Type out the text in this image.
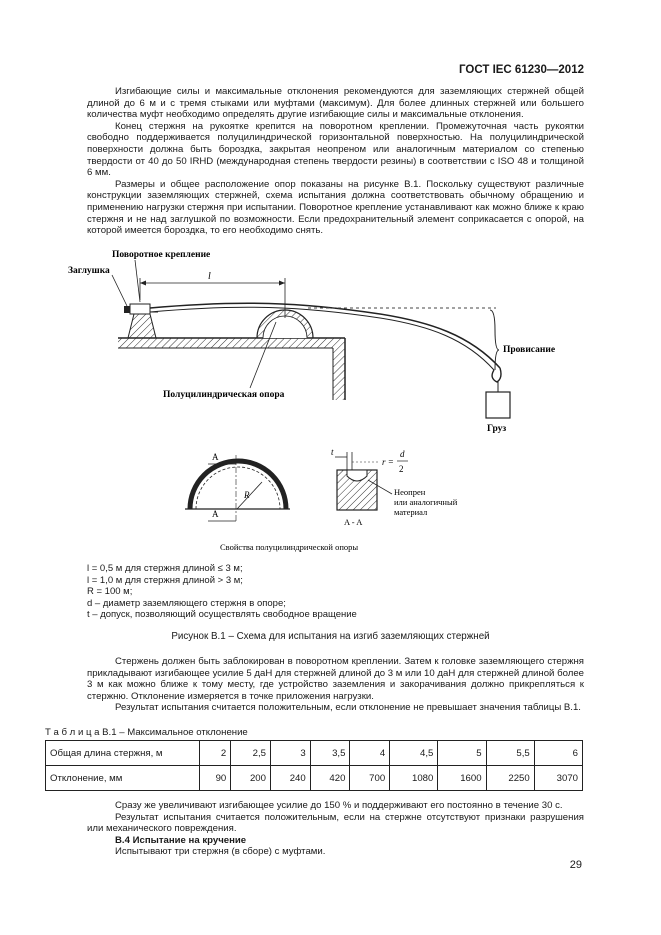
ГОСТ IEC 61230—2012

Изгибающие силы и максимальные отклонения рекомендуются для заземляющих стержней общей длиной до 6 м и с тремя стыками или муфтами (максимум). Для более длинных стержней или большего количества муфт необходимо определять другие изгибающие силы и максимальные отклонения.

Конец стержня на рукоятке крепится на поворотном креплении. Промежуточная часть рукоятки свободно поддерживается полуцилиндрической горизонтальной поверхностью. На полуцилиндрической поверхности должна быть бороздка, закрытая неопреном или аналогичным материалом со степенью твердости от 40 до 50 IRHD (международная степень твердости резины) в соответствии с ISO 48 и толщиной 6 мм.

Размеры и общее расположение опор показаны на рисунке В.1. Поскольку существуют различные конструкции заземляющих стержней, схема испытания должна соответствовать обычному обращению и применению нагрузки стержня при испытании. Поворотное крепление устанавливают как можно ближе к краю стержня и не над заглушкой по возможности. Если предохранительный элемент соприкасается с опорой, на которой имеется бороздка, то его необходимо снять.

l
Поворотное крепление
Заглушка
Провисание
Полуцилиндрическая опора
Груз
R
A
A
t
r =
d
2
Неопрен
или аналогичный
материал
A - A
Свойства полуцилиндрической опоры
l = 0,5 м для стержня длиной ≤ 3 м;
l = 1,0 м для стержня длиной > 3 м;
R = 100 м;
d – диаметр заземляющего стержня в опоре;
t – допуск, позволяющий осуществлять свободное вращение
Рисунок В.1 – Схема для испытания на изгиб заземляющих стержней

Стержень должен быть заблокирован в поворотном креплении. Затем к головке заземляющего стержня прикладывают изгибающее усилие 5 даН для стержней длиной до 3 м или 10 даН для стержней длиной более 3 м как можно ближе к тому месту, где устройство заземления и закорачивания должно прикрепляться к стержню. Отклонение измеряется в точке приложения нагрузки.

Результат испытания считается положительным, если отклонение не превышает значения таблицы В.1.

Т а б л и ц а В.1 – Максимальное отклонение
Общая длина стержня, м	2	2,5	3	3,5	4	4,5	5	5,5	6
Отклонение, мм	90	200	240	420	700	1080	1600	2250	3070

Сразу же увеличивают изгибающее усилие до 150 % и поддерживают его постоянно в течение 30 с.

Результат испытания считается положительным, если на стержне отсутствуют признаки разрушения или механического повреждения.

В.4 Испытание на кручение

Испытывают три стержня (в сборе) с муфтами.

29
